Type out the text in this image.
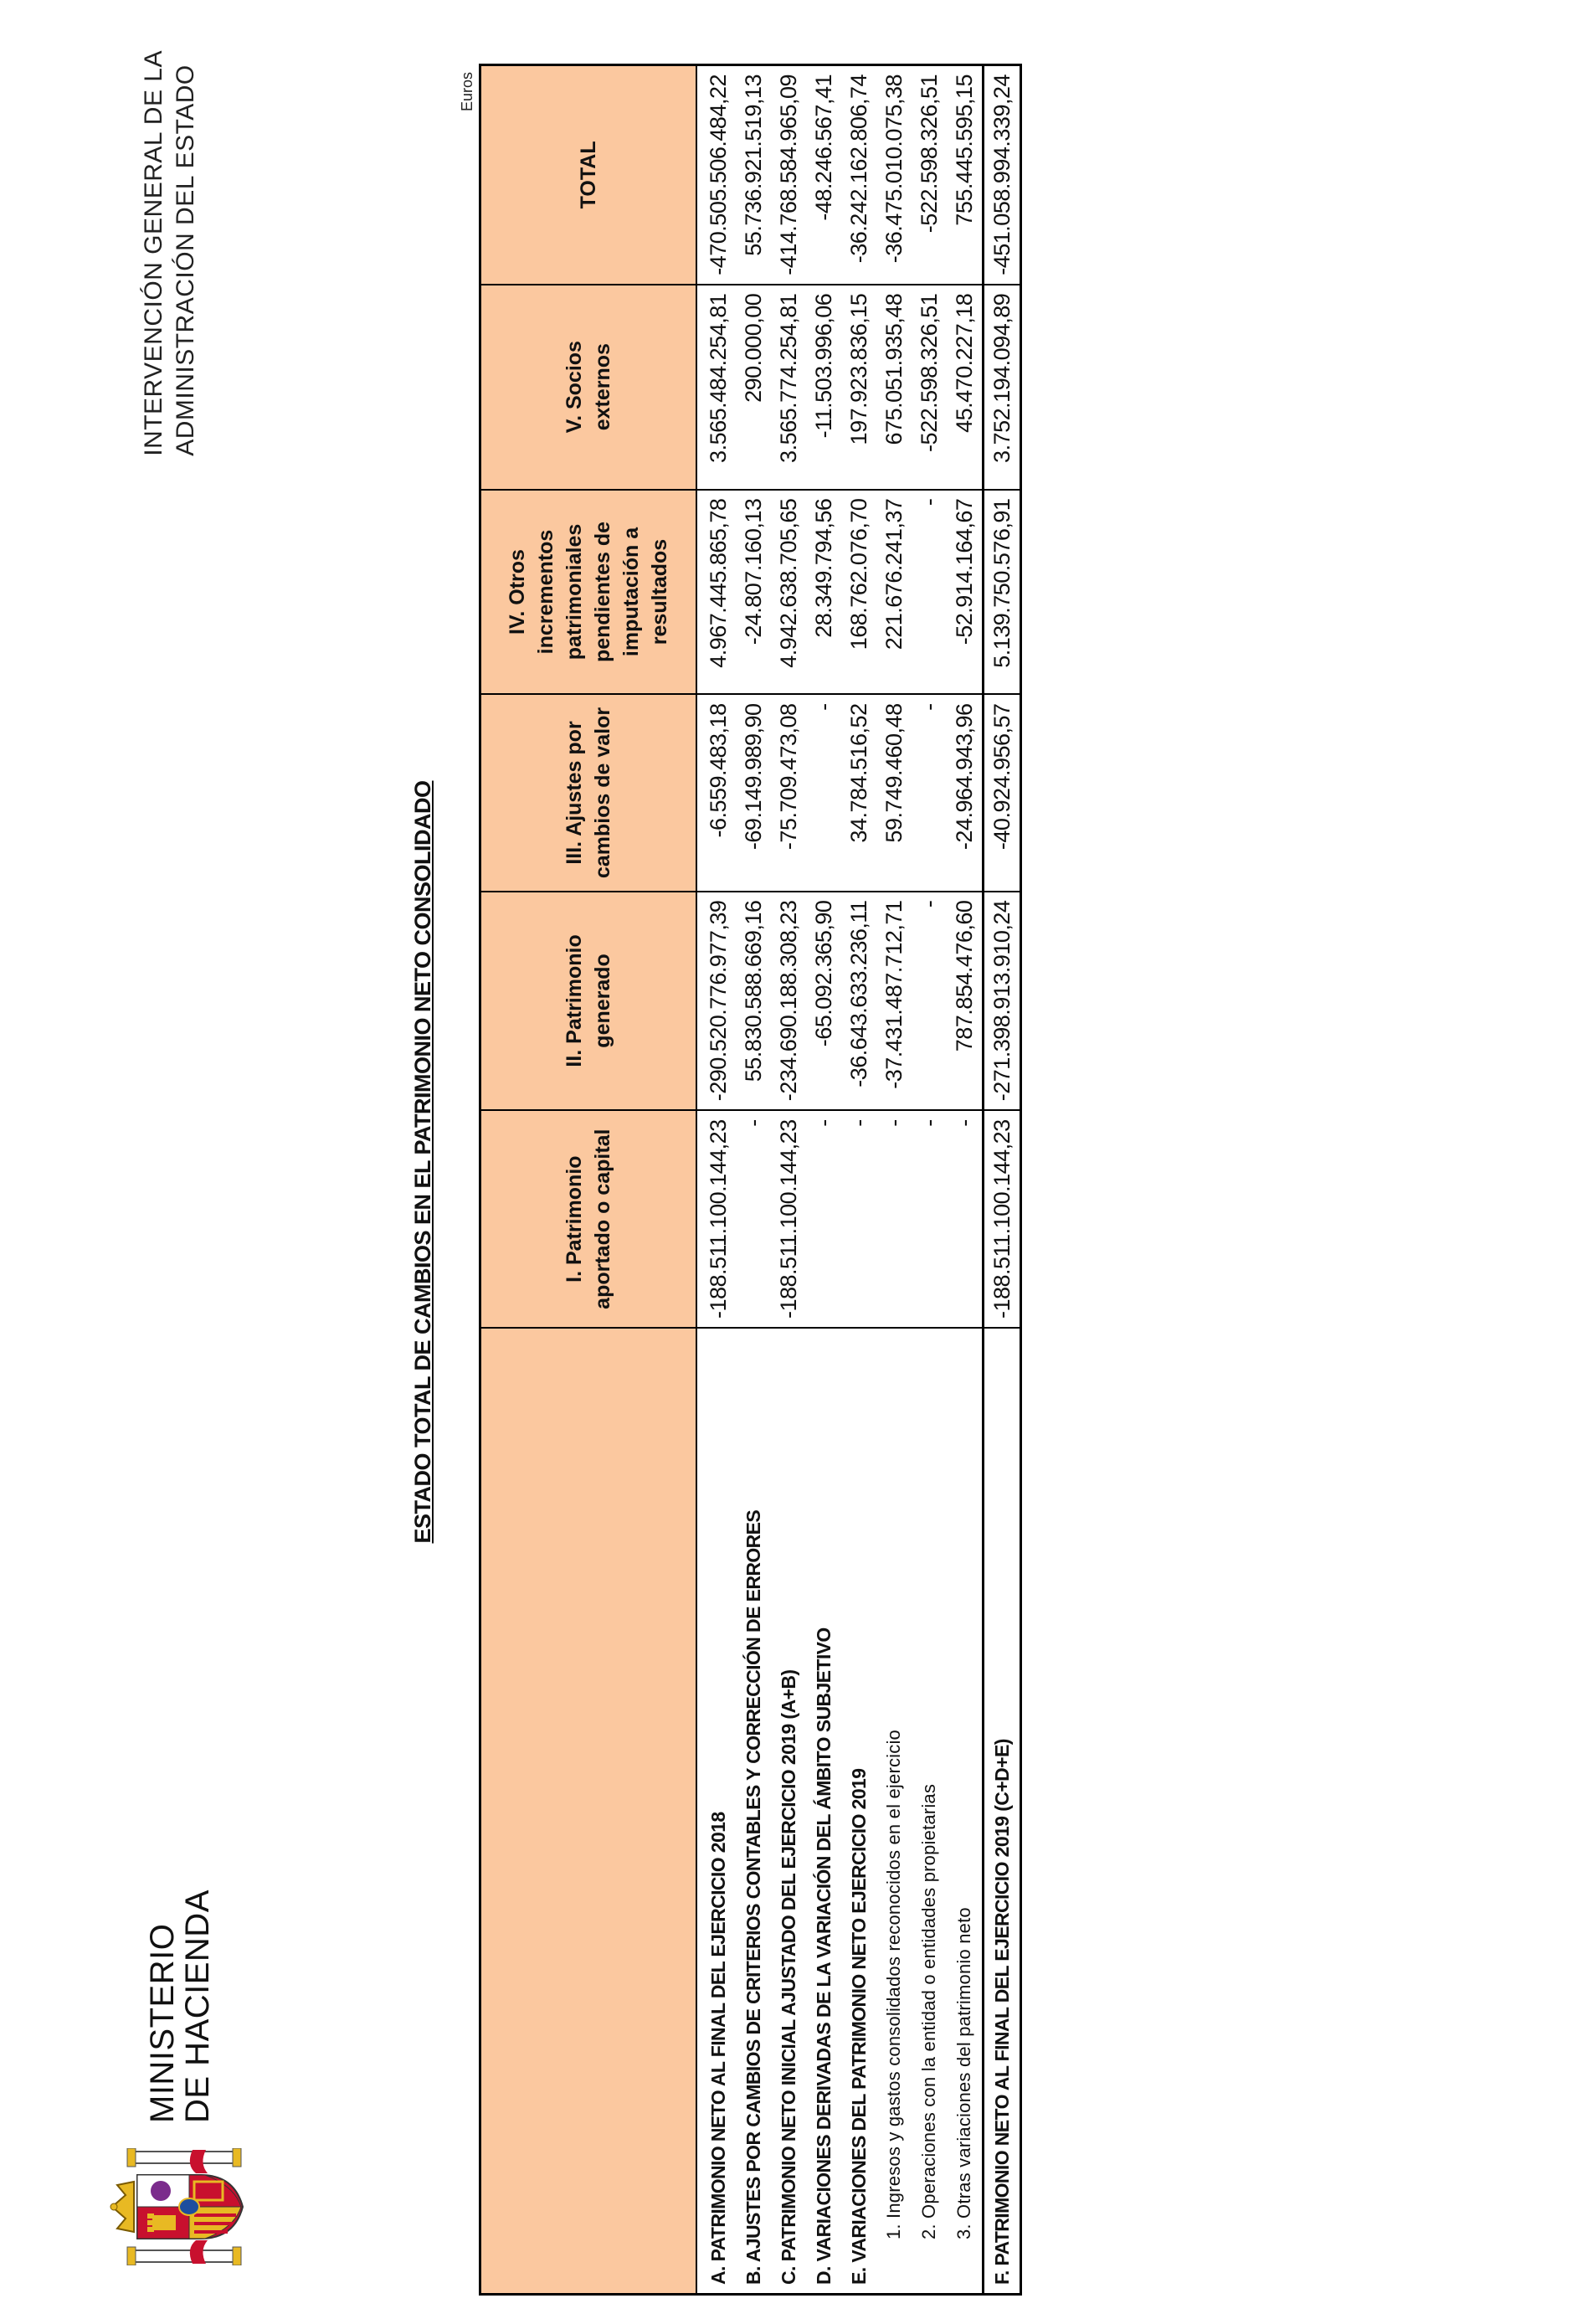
MINISTERIO
DE HACIENDA
INTERVENCIÓN GENERAL DE LA ADMINISTRACIÓN DEL ESTADO
ESTADO TOTAL DE CAMBIOS EN EL PATRIMONIO NETO CONSOLIDADO
Euros
	I. Patrimonio aportado o capital	II. Patrimonio generado	III. Ajustes por cambios de valor	IV. Otros incrementos patrimoniales pendientes de imputación a resultados	V. Socios externos	TOTAL
A. PATRIMONIO NETO AL FINAL DEL EJERCICIO 2018	-188.511.100.144,23	-290.520.776.977,39	-6.559.483,18	4.967.445.865,78	3.565.484.254,81	-470.505.506.484,22
B. AJUSTES POR CAMBIOS DE CRITERIOS CONTABLES Y CORRECCIÓN DE ERRORES	-	55.830.588.669,16	-69.149.989,90	-24.807.160,13	290.000,00	55.736.921.519,13
C. PATRIMONIO NETO INICIAL AJUSTADO DEL EJERCICIO 2019 (A+B)	-188.511.100.144,23	-234.690.188.308,23	-75.709.473,08	4.942.638.705,65	3.565.774.254,81	-414.768.584.965,09
D. VARIACIONES DERIVADAS DE LA VARIACIÓN DEL ÁMBITO SUBJETIVO	-	-65.092.365,90	-	28.349.794,56	-11.503.996,06	-48.246.567,41
E. VARIACIONES DEL PATRIMONIO NETO EJERCICIO 2019	-	-36.643.633.236,11	34.784.516,52	168.762.076,70	197.923.836,15	-36.242.162.806,74
1. Ingresos y gastos consolidados reconocidos en el ejercicio	-	-37.431.487.712,71	59.749.460,48	221.676.241,37	675.051.935,48	-36.475.010.075,38
2. Operaciones con la entidad o entidades propietarias	-	-	-	-	-522.598.326,51	-522.598.326,51
3. Otras variaciones del patrimonio neto	-	787.854.476,60	-24.964.943,96	-52.914.164,67	45.470.227,18	755.445.595,15
F. PATRIMONIO NETO AL FINAL DEL EJERCICIO 2019 (C+D+E)	-188.511.100.144,23	-271.398.913.910,24	-40.924.956,57	5.139.750.576,91	3.752.194.094,89	-451.058.994.339,24
